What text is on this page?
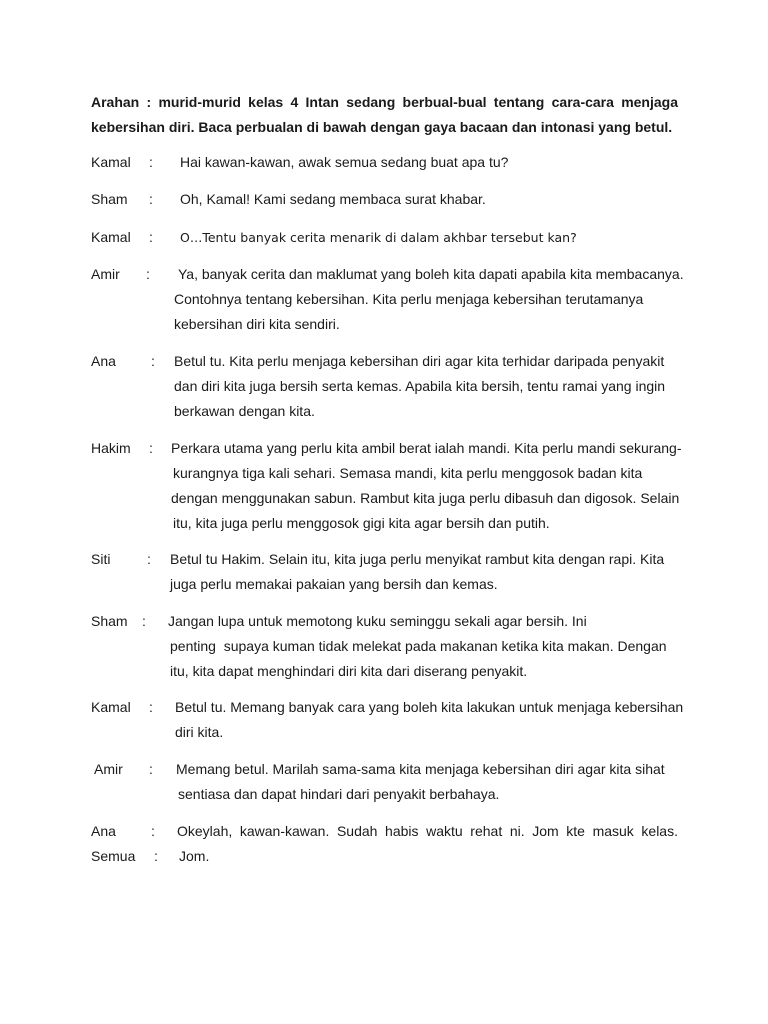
Arahan : murid-murid kelas 4 Intan sedang berbual-bual tentang cara-cara menjaga
kebersihan diri. Baca perbualan di bawah dengan gaya bacaan dan intonasi yang betul.
Kamal : Hai kawan-kawan, awak semua sedang buat apa tu?
Sham : Oh, Kamal! Kami sedang membaca surat khabar.
Kamal : O…Tentu banyak cerita menarik di dalam akhbar tersebut kan?
Amir : Ya, banyak cerita dan maklumat yang boleh kita dapati apabila kita membacanya.
Contohnya tentang kebersihan. Kita perlu menjaga kebersihan terutamanya
kebersihan diri kita sendiri.
Ana	: Betul tu. Kita perlu menjaga kebersihan diri agar kita terhidar daripada penyakit
dan diri kita juga bersih serta kemas. Apabila kita bersih, tentu ramai yang ingin
berkawan dengan kita.
Hakim : Perkara utama yang perlu kita ambil berat ialah mandi. Kita perlu mandi sekurang-
kurangnya tiga kali sehari. Semasa mandi, kita perlu menggosok badan kita
dengan menggunakan sabun. Rambut kita juga perlu dibasuh dan digosok. Selain
itu, kita juga perlu menggosok gigi kita agar bersih dan putih.
Siti	: Betul tu Hakim. Selain itu, kita juga perlu menyikat rambut kita dengan rapi. Kita
juga perlu memakai pakaian yang bersih dan kemas.
Sham : Jangan lupa untuk memotong kuku seminggu sekali agar bersih. Ini
penting  supaya kuman tidak melekat pada makanan ketika kita makan. Dengan
itu, kita dapat menghindari diri kita dari diserang penyakit.
Kamal : Betul tu. Memang banyak cara yang boleh kita lakukan untuk menjaga kebersihan
diri kita.
Amir : Memang betul. Marilah sama-sama kita menjaga kebersihan diri agar kita sihat
sentiasa dan dapat hindari dari penyakit berbahaya.
Ana	: Okeylah, kawan-kawan. Sudah habis waktu rehat ni. Jom kte masuk kelas.
Semua : Jom.
